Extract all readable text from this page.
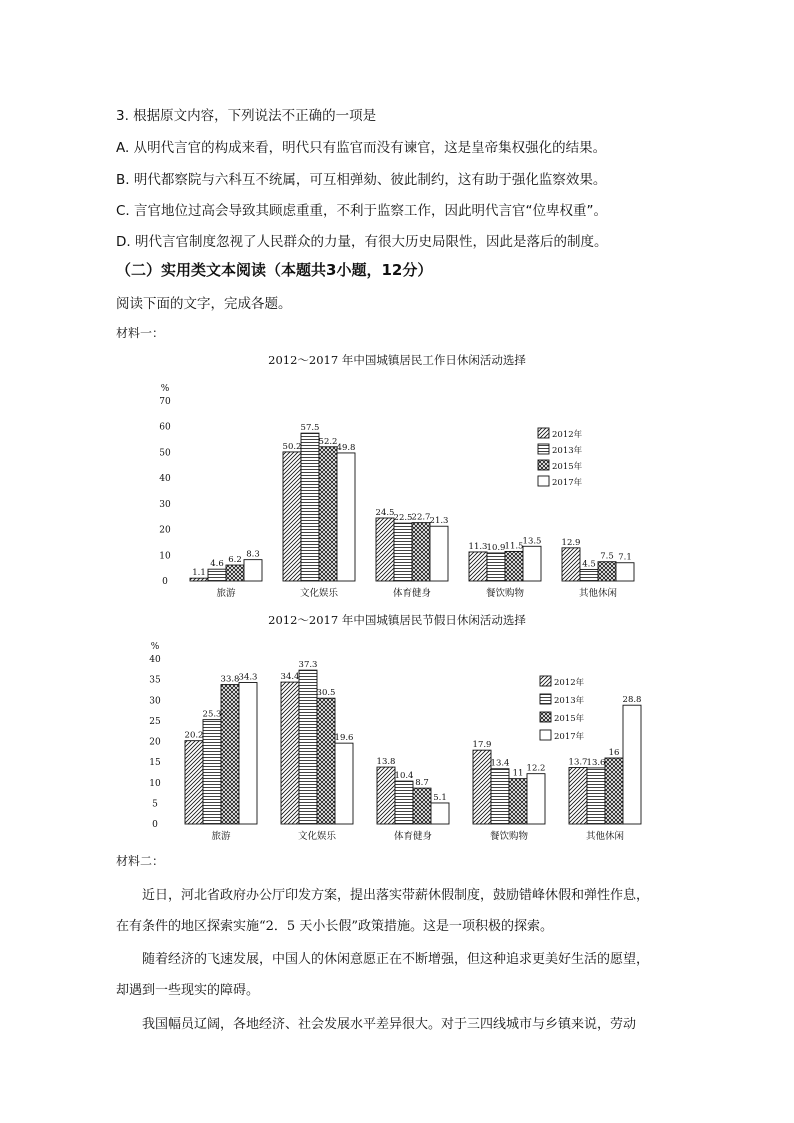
3. 根据原文内容，下列说法不正确的一项是
A. 从明代言官的构成来看，明代只有监官而没有谏官，这是皇帝集权强化的结果。
B. 明代都察院与六科互不统属，可互相弹劾、彼此制约，这有助于强化监察效果。
C. 言官地位过高会导致其顾虑重重，不利于监察工作，因此明代言官“位卑权重”。
D. 明代言官制度忽视了人民群众的力量，有很大历史局限性，因此是落后的制度。
（二）实用类文本阅读（本题共3小题，12分）
阅读下面的文字，完成各题。
材料一：
2012～2017 年中国城镇居民工作日休闲活动选择
%
0
10
20
30
40
50
60
70
1.1
4.6 6.2
8.3
旅游
50.2
57.5
52.2
49.8
文化娱乐
24.5
22.5 22.7 21.3
体育健身
11.3 10.9 11.5
13.5
餐饮购物
12.9
4.5
7.5 7.1
其他休闲
2012年
2013年
2015年
2017年
2012～2017 年中国城镇居民节假日休闲活动选择
%
0
5
10
15
20
25
30
35
40
20.2
25.3
33.8 34.3
旅游
34.4
37.3
30.5
19.6
文化娱乐
13.8
10.4
8.7
5.1
体育健身
17.9
13.4
11 12.2
餐饮购物
13.7 13.6
16
28.8
其他休闲
2012年
2013年
2015年
2017年
材料二：
近日，河北省政府办公厅印发方案，提出落实带薪休假制度，鼓励错峰休假和弹性作息，
在有条件的地区探索实施“2．5 天小长假”政策措施。这是一项积极的探索。
随着经济的飞速发展，中国人的休闲意愿正在不断增强，但这种追求更美好生活的愿望，
却遇到一些现实的障碍。
我国幅员辽阔，各地经济、社会发展水平差异很大。对于三四线城市与乡镇来说，劳动
